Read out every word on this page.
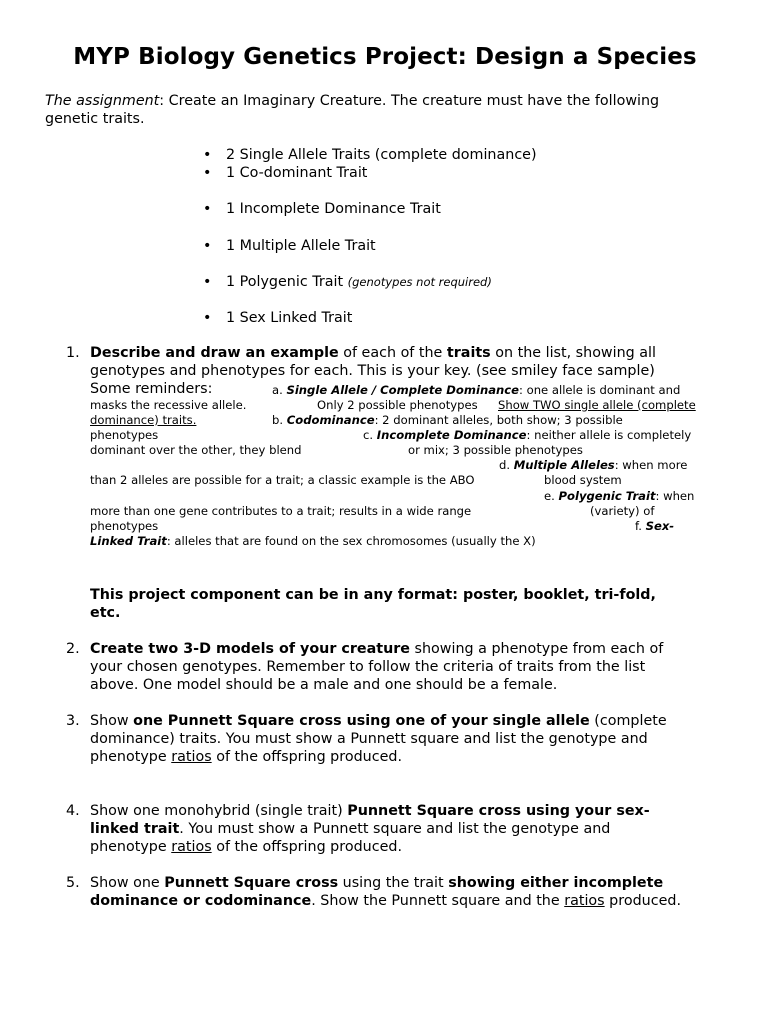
MYP Biology Genetics Project: Design a Species
The assignment: Create an Imaginary Creature. The creature must have the following
genetic traits.
• 2 Single Allele Traits (complete dominance)
• 1 Co-dominant Trait
• 1 Incomplete Dominance Trait
• 1 Multiple Allele Trait
• 1 Polygenic Trait (genotypes not required)
• 1 Sex Linked Trait
1. Describe and draw an example of each of the traits on the list, showing all
genotypes and phenotypes for each. This is your key. (see smiley face sample)
Some reminders:	a. Single Allele / Complete Dominance: one allele is dominant and
masks the recessive allele.	Only 2 possible phenotypes Show TWO single allele (complete
dominance) traits.	b. Codominance: 2 dominant alleles, both show; 3 possible
phenotypes	c. Incomplete Dominance: neither allele is completely
dominant over the other, they blend	or mix; 3 possible phenotypes
d. Multiple Alleles: when more
than 2 alleles are possible for a trait; a classic example is the ABO	blood system
e. Polygenic Trait: when
more than one gene contributes to a trait; results in a wide range	(variety) of
phenotypes	f. Sex-
Linked Trait: alleles that are found on the sex chromosomes (usually the X)
This project component can be in any format: poster, booklet, tri-fold,
etc.
2. Create two 3-D models of your creature showing a phenotype from each of
your chosen genotypes. Remember to follow the criteria of traits from the list
above. One model should be a male and one should be a female.
3. Show one Punnett Square cross using one of your single allele (complete
dominance) traits. You must show a Punnett square and list the genotype and
phenotype ratios of the offspring produced.
4. Show one monohybrid (single trait) Punnett Square cross using your sex-
linked trait. You must show a Punnett square and list the genotype and
phenotype ratios of the offspring produced.
5. Show one Punnett Square cross using the trait showing either incomplete
dominance or codominance. Show the Punnett square and the ratios produced.
